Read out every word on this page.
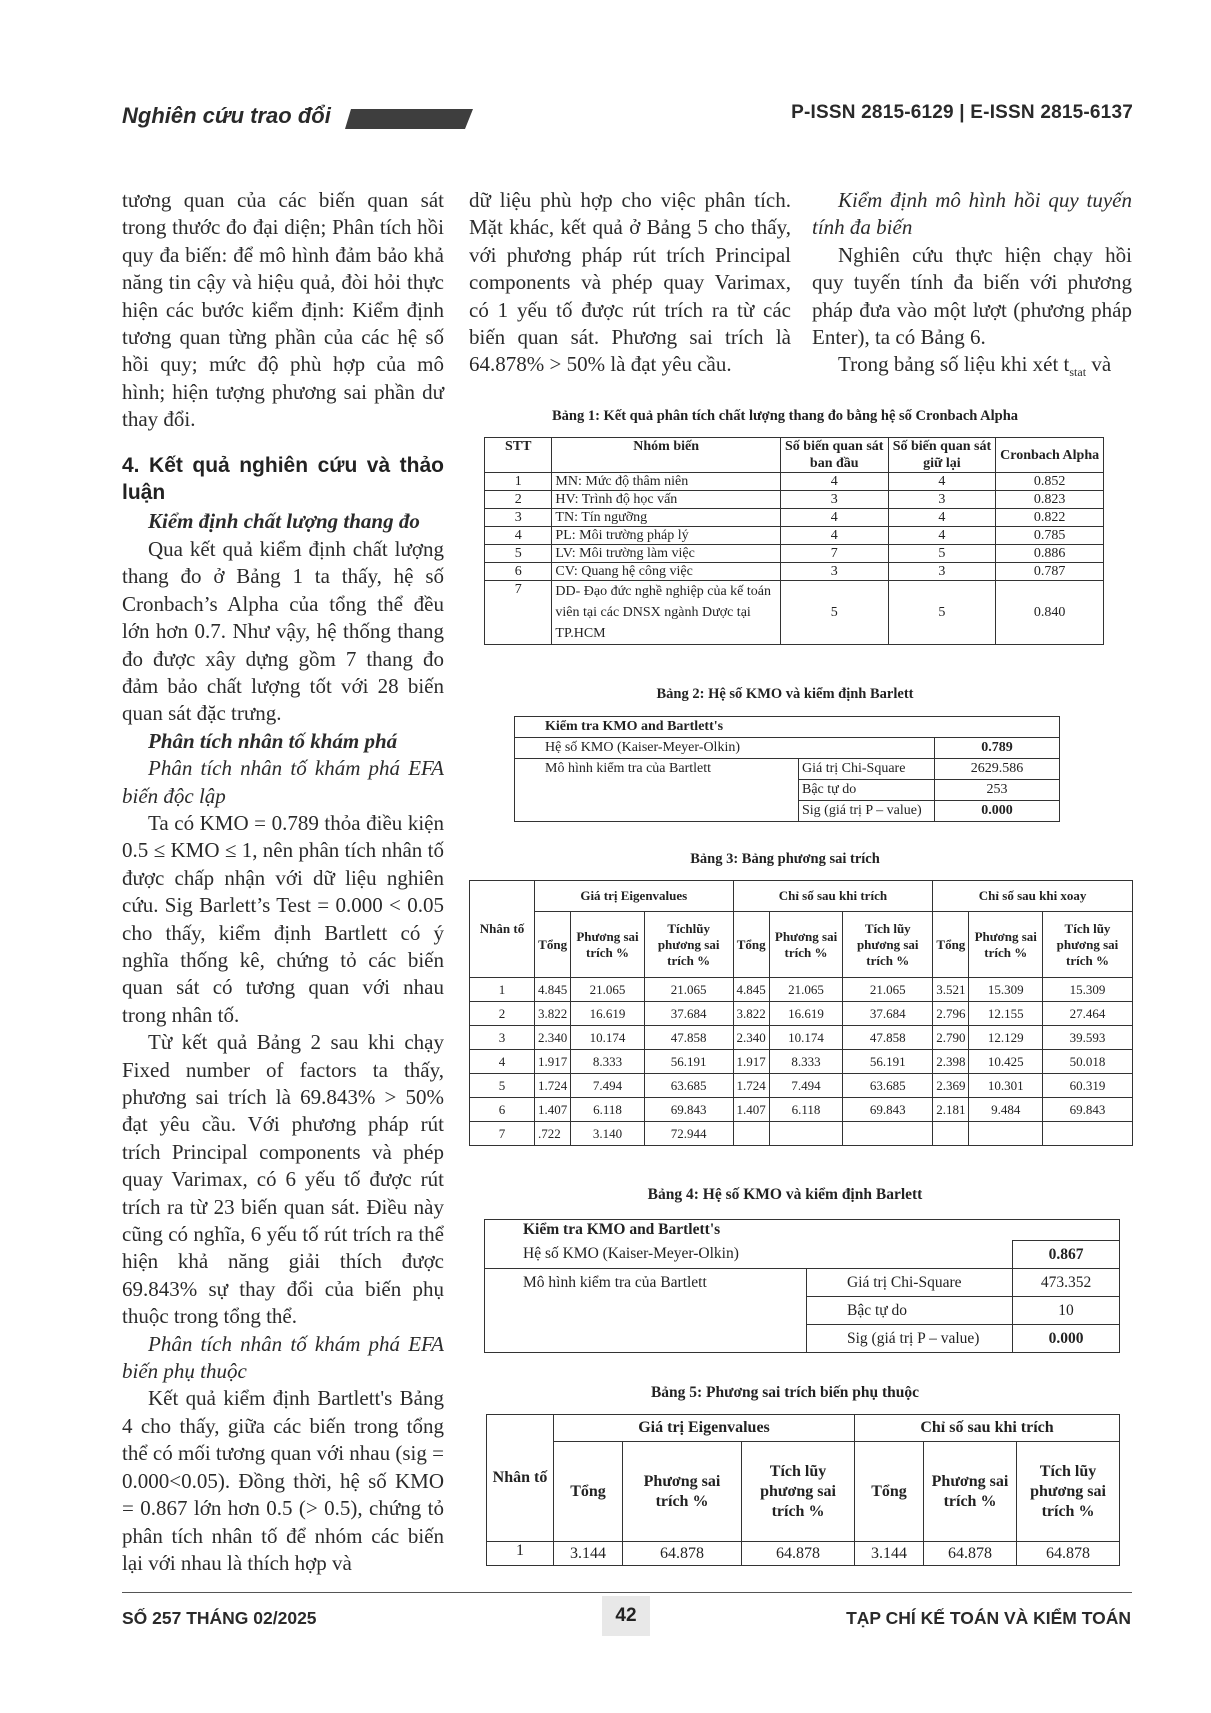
Nghiên cứu trao đổi	P-ISSN 2815-6129 | E-ISSN 2815-6137

tương quan của các biến quan sát trong thước đo đại diện; Phân tích hồi quy đa biến: để mô hình đảm bảo khả năng tin cậy và hiệu quả, đòi hỏi thực hiện các bước kiểm định: Kiểm định tương quan từng phần của các hệ số hồi quy; mức độ phù hợp của mô hình; hiện tượng phương sai phần dư thay đổi.

4. Kết quả nghiên cứu và thảo luận

Kiểm định chất lượng thang đo

Qua kết quả kiểm định chất lượng thang đo ở Bảng 1 ta thấy, hệ số Cronbach’s Alpha của tổng thể đều lớn hơn 0.7. Như vậy, hệ thống thang đo được xây dựng gồm 7 thang đo đảm bảo chất lượng tốt với 28 biến quan sát đặc trưng.

Phân tích nhân tố khám phá

Phân tích nhân tố khám phá EFA biến độc lập

Ta có KMO = 0.789 thỏa điều kiện 0.5 ≤ KMO ≤ 1, nên phân tích nhân tố được chấp nhận với dữ liệu nghiên cứu. Sig Barlett’s Test = 0.000 < 0.05 cho thấy, kiểm định Bartlett có ý nghĩa thống kê, chứng tỏ các biến quan sát có tương quan với nhau trong nhân tố.

Từ kết quả Bảng 2 sau khi chạy Fixed number of factors ta thấy, phương sai trích là 69.843% > 50% đạt yêu cầu. Với phương pháp rút trích Principal components và phép quay Varimax, có 6 yếu tố được rút trích ra từ 23 biến quan sát. Điều này cũng có nghĩa, 6 yếu tố rút trích ra thể hiện khả năng giải thích được 69.843% sự thay đổi của biến phụ thuộc trong tổng thể.

Phân tích nhân tố khám phá EFA biến phụ thuộc

Kết quả kiểm định Bartlett's Bảng 4 cho thấy, giữa các biến trong tổng thể có mối tương quan với nhau (sig = 0.000<0.05). Đồng thời, hệ số KMO = 0.867 lớn hơn 0.5 (> 0.5), chứng tỏ phân tích nhân tố để nhóm các biến lại với nhau là thích hợp và

dữ liệu phù hợp cho việc phân tích. Mặt khác, kết quả ở Bảng 5 cho thấy, với phương pháp rút trích Principal components và phép quay Varimax, có 1 yếu tố được rút trích ra từ các biến quan sát. Phương sai trích là 64.878% > 50% là đạt yêu cầu.

Kiểm định mô hình hồi quy tuyến tính đa biến

Nghiên cứu thực hiện chạy hồi quy tuyến tính đa biến với phương pháp đưa vào một lượt (phương pháp Enter), ta có Bảng 6.

Trong bảng số liệu khi xét $t_{stat}$ và

Bảng 1: Kết quả phân tích chất lượng thang đo bằng hệ số Cronbach Alpha
STT	Nhóm biến	Số biến quan sát ban đầu	Số biến quan sát giữ lại	Cronbach Alpha
1	MN: Mức độ thâm niên	4	4	0.852
2	HV: Trình độ học vấn	3	3	0.823
3	TN: Tín ngưỡng	4	4	0.822
4	PL: Môi trường pháp lý	4	4	0.785
5	LV: Môi trường làm việc	7	5	0.886
6	CV: Quang hệ công việc	3	3	0.787
7	DD- Đạo đức nghề nghiệp của kế toán viên tại các DNSX ngành Dược tại TP.HCM	5	5	0.840
Bảng 2: Hệ số KMO và kiểm định Barlett
Kiểm tra KMO and Bartlett's		
Hệ số KMO (Kaiser-Meyer-Olkin)		0.789
Mô hình kiểm tra của Bartlett	Giá trị Chi-Square	2629.586
	Bậc tự do	253
	Sig (giá trị P – value)	0.000
Bảng 3: Bảng phương sai trích
Nhân tố	Giá trị Eigenvalues			Chỉ số sau khi trích			Chỉ số sau khi xoay		
	Tổng	Phương sai trích %	Tíchlũy phương sai trích %	Tổng	Phương sai trích %	Tích lũy phương sai trích %	Tổng	Phương sai trích %	Tích lũy phương sai trích %
1	4.845	21.065	21.065	4.845	21.065	21.065	3.521	15.309	15.309
2	3.822	16.619	37.684	3.822	16.619	37.684	2.796	12.155	27.464
3	2.340	10.174	47.858	2.340	10.174	47.858	2.790	12.129	39.593
4	1.917	8.333	56.191	1.917	8.333	56.191	2.398	10.425	50.018
5	1.724	7.494	63.685	1.724	7.494	63.685	2.369	10.301	60.319
6	1.407	6.118	69.843	1.407	6.118	69.843	2.181	9.484	69.843
7	.722	3.140	72.944						
Bảng 4: Hệ số KMO và kiểm định Barlett
Kiểm tra KMO and Bartlett's		
Hệ số KMO (Kaiser-Meyer-Olkin)		0.867
Mô hình kiểm tra của Bartlett	Giá trị Chi-Square	473.352
	Bậc tự do	10
	Sig (giá trị P – value)	0.000
Bảng 5: Phương sai trích biến phụ thuộc
Nhân tố	Giá trị Eigenvalues			Chỉ số sau khi trích		
	Tổng	Phương sai trích %	Tích lũy phương sai trích %	Tổng	Phương sai trích %	Tích lũy phương sai trích %
1	3.144	64.878	64.878	3.144	64.878	64.878
SỐ 257 THÁNG 02/2025	42	TẠP CHÍ KẾ TOÁN VÀ KIỂM TOÁN
